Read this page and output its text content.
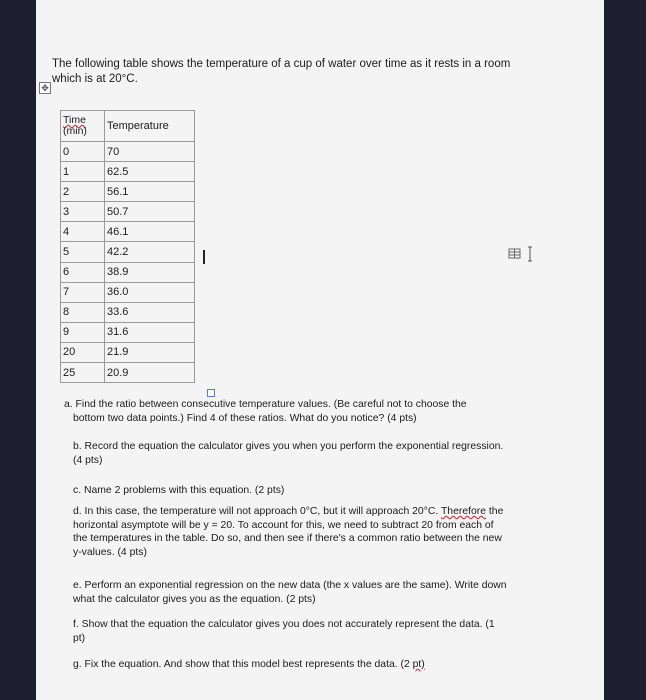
The following table shows the temperature of a cup of water over time as it rests in a room
which is at 20°C.
✥
Time
(min)	Temperature
0	70
1	62.5
2	56.1
3	50.7
4	46.1
5	42.2
6	38.9
7	36.0
8	33.6
9	31.6
20	21.9
25	20.9
a. Find the ratio between consecutive temperature values. (Be careful not to choose the
bottom two data points.) Find 4 of these ratios. What do you notice? (4 pts)
b. Record the equation the calculator gives you when you perform the exponential regression.
(4 pts)
c. Name 2 problems with this equation. (2 pts)
d. In this case, the temperature will not approach 0°C, but it will approach 20°C. Therefore the
horizontal asymptote will be y = 20. To account for this, we need to subtract 20 from each of
the temperatures in the table. Do so, and then see if there's a common ratio between the new
y-values. (4 pts)
e. Perform an exponential regression on the new data (the x values are the same). Write down
what the calculator gives you as the equation. (2 pts)
f. Show that the equation the calculator gives you does not accurately represent the data. (1
pt)
g. Fix the equation. And show that this model best represents the data. (2 pt)
